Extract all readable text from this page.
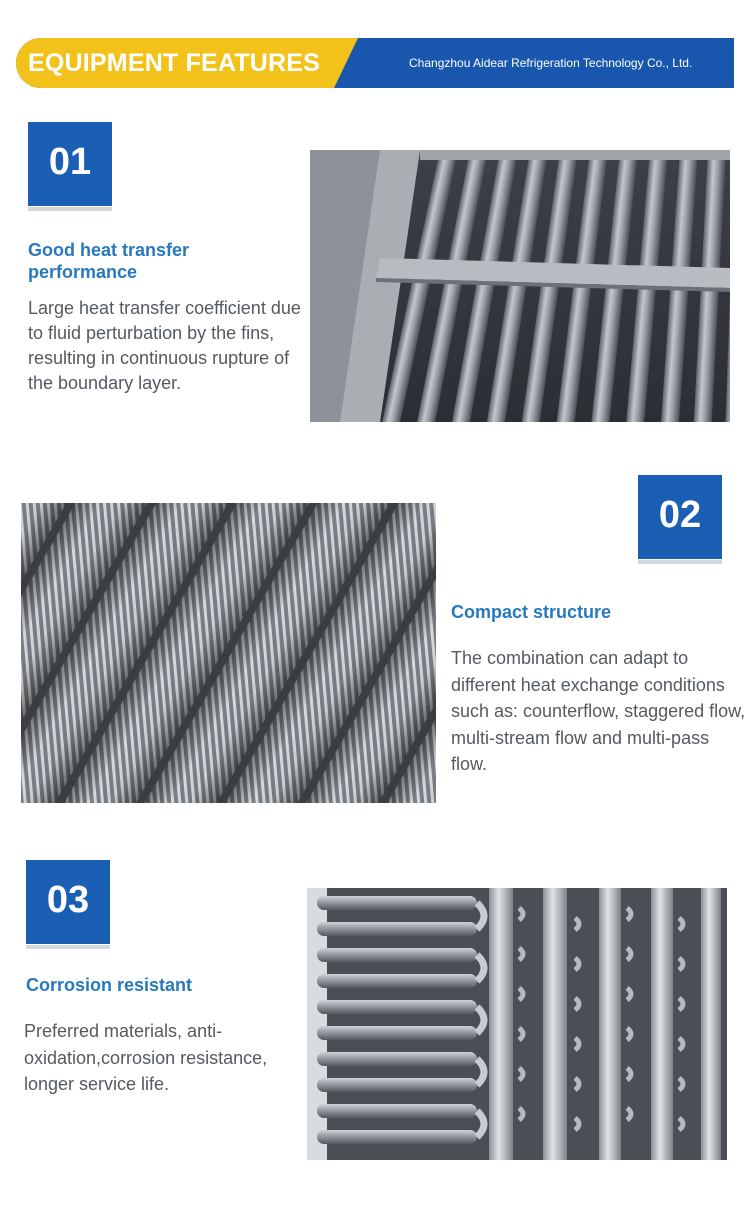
EQUIPMENT FEATURES	Changzhou Aidear Refrigeration Technology Co., Ltd.
01
Good heat transfer performance
Large heat transfer coefficient due to fluid perturbation by the fins, resulting in continuous rupture of the boundary layer.
02
Compact structure
The combination can adapt to different heat exchange conditions such as: counterflow, staggered flow, multi-stream flow and multi-pass flow.
03
Corrosion resistant
Preferred materials, anti-oxidation,corrosion resistance, longer service life.
